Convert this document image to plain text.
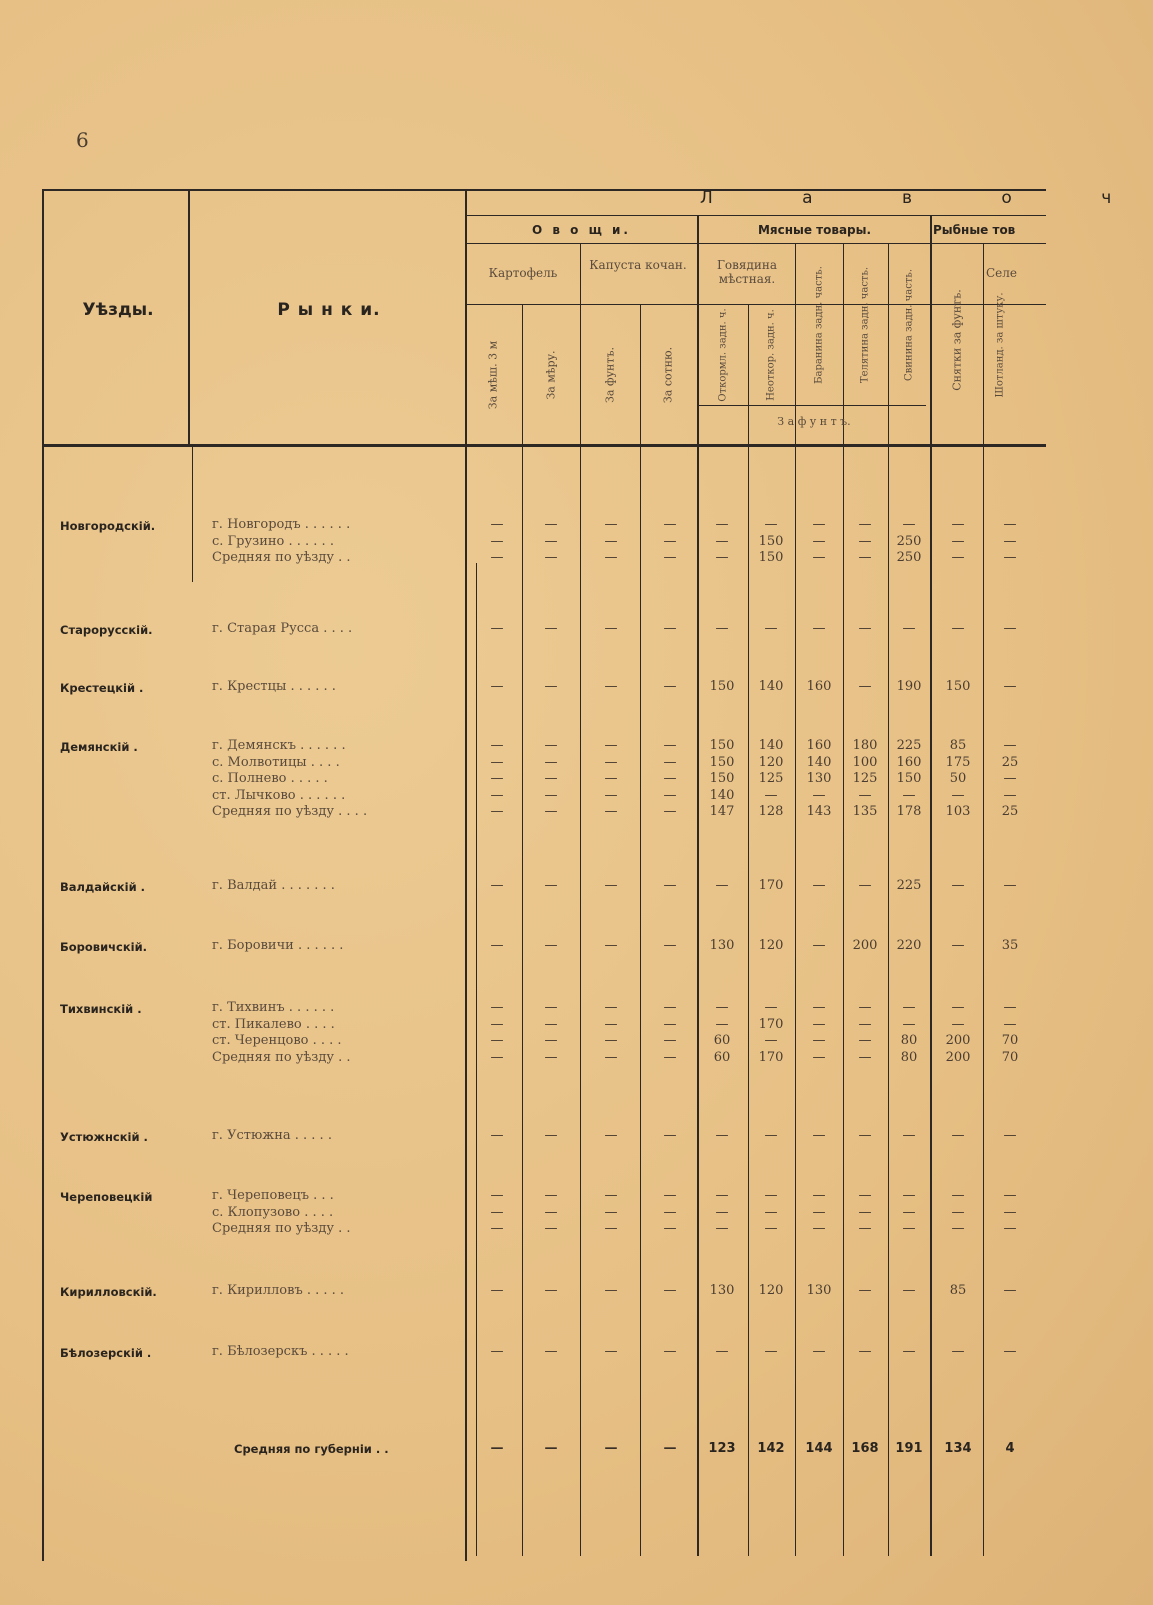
6
Уѣзды.	Р ы н к и.
Л а в о ч
О в о щ и.	Мясные товары.	Рыбные тов
Картофель
Капуста кочан.	Говядина мѣстная.	Селе
З а ф у н т ъ.
За мѣш. 3 м	За мѣру.	За фунтъ.	За сотню.	Откормл. задн. ч.	Неоткор. задн. ч.	Баранина задн. часть.	Телятина задн. часть.	Свинина задн. часть.	Снятки за фунтъ.	Шотланд. за штуку.
Новгородскій.	г. Новгородъ . . . . . .	—	—	—	—	—	—	—	—	—	—	—
с. Грузино . . . . . .	—	—	—	—	—	150	—	—	250	—	—
Средняя по уѣзду . .	—	—	—	—	—	150	—	—	250	—	—
Старорусскій.	г. Старая Русса . . . .	—	—	—	—	—	—	—	—	—	—	—
Крестецкій .	г. Крестцы . . . . . .	—	—	—	—	150	140	160	—	190	150	—
Демянскій .	г. Демянскъ . . . . . .	—	—	—	—	150	140	160	180	225	85	—
с. Молвотицы . . . .	—	—	—	—	150	120	140	100	160	175	25
с. Полнево . . . . .	—	—	—	—	150	125	130	125	150	50	—
ст. Лычково . . . . . .	—	—	—	—	140	—	—	—	—	—	—
Средняя по уѣзду . . . .	—	—	—	—	147	128	143	135	178	103	25
Валдайскій .	г. Валдай . . . . . . .	—	—	—	—	—	170	—	—	225	—	—
Боровичскій.	г. Боровичи . . . . . .	—	—	—	—	130	120	—	200	220	—	35
Тихвинскій .	г. Тихвинъ . . . . . .	—	—	—	—	—	—	—	—	—	—	—
ст. Пикалево . . . .	—	—	—	—	—	170	—	—	—	—	—
ст. Черенцово . . . .	—	—	—	—	60	—	—	—	80	200	70
Средняя по уѣзду . .	—	—	—	—	60	170	—	—	80	200	70
Устюжнскій .	г. Устюжна . . . . .	—	—	—	—	—	—	—	—	—	—	—
Череповецкій	г. Череповецъ . . .	—	—	—	—	—	—	—	—	—	—	—
с. Клопузово . . . .	—	—	—	—	—	—	—	—	—	—	—
Средняя по уѣзду . .	—	—	—	—	—	—	—	—	—	—	—
Кирилловскій.	г. Кирилловъ . . . . .	—	—	—	—	130	120	130	—	—	85	—
Бѣлозерскій .	г. Бѣлозерскъ . . . . .	—	—	—	—	—	—	—	—	—	—	—
Средняя по губерніи . .	—	—	—	—	123	142	144	168	191	134	4
